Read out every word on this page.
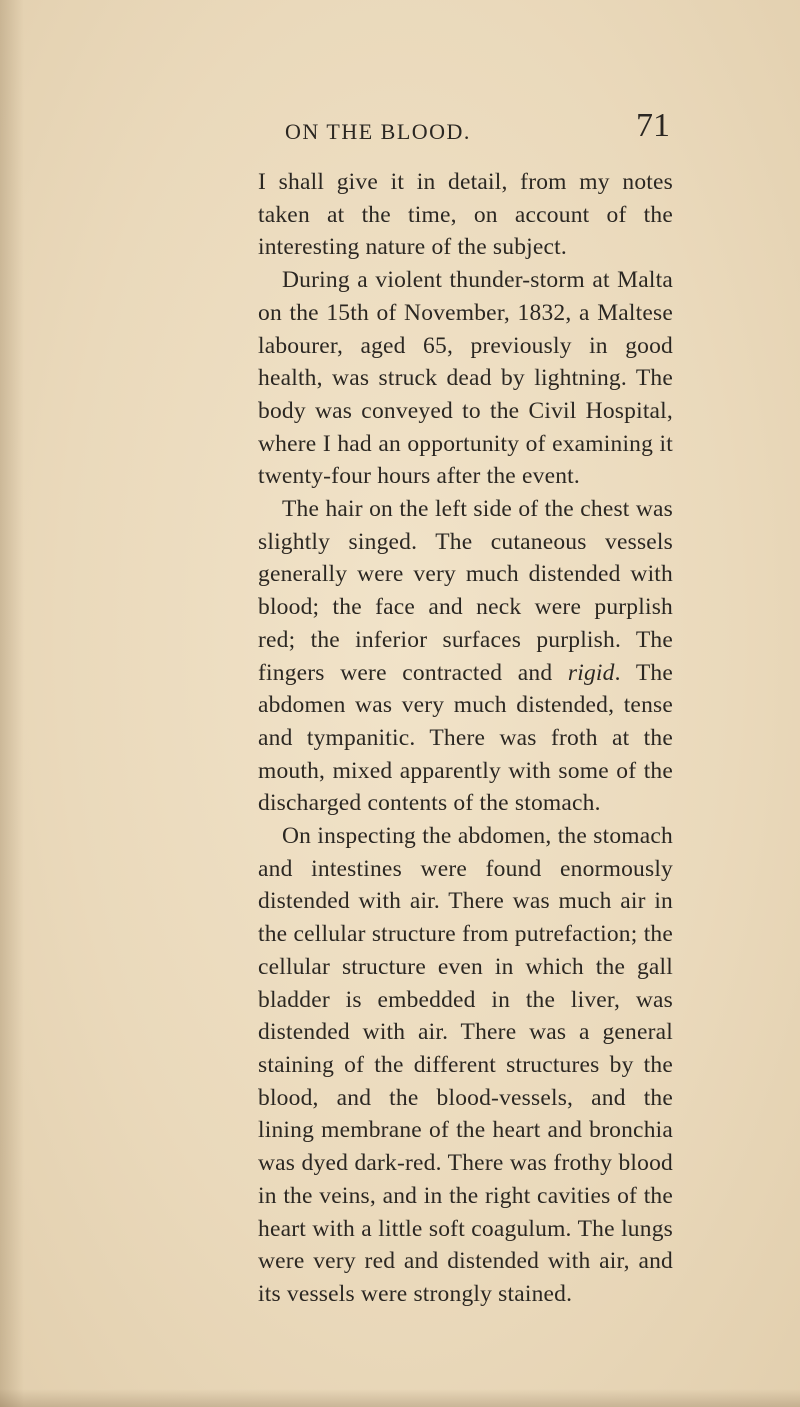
ON THE BLOOD.	71

I shall give it in detail, from my notes taken at the time, on account of the interesting nature of the subject.

During a violent thunder-storm at Malta on the 15th of November, 1832, a Maltese labourer, aged 65, previously in good health, was struck dead by lightning. The body was conveyed to the Civil Hospital, where I had an opportunity of examining it twenty-four hours after the event.

The hair on the left side of the chest was slightly singed. The cutaneous vessels generally were very much distended with blood; the face and neck were purplish red; the inferior surfaces purplish. The fingers were contracted and rigid. The abdomen was very much distended, tense and tympanitic. There was froth at the mouth, mixed apparently with some of the discharged contents of the stomach.

On inspecting the abdomen, the stomach and intestines were found enormously distended with air. There was much air in the cellular structure from putrefaction; the cellular structure even in which the gall bladder is embedded in the liver, was distended with air. There was a general staining of the different structures by the blood, and the blood-vessels, and the lining membrane of the heart and bronchia was dyed dark-red. There was frothy blood in the veins, and in the right cavities of the heart with a little soft coagulum. The lungs were very red and distended with air, and its vessels were strongly stained.
